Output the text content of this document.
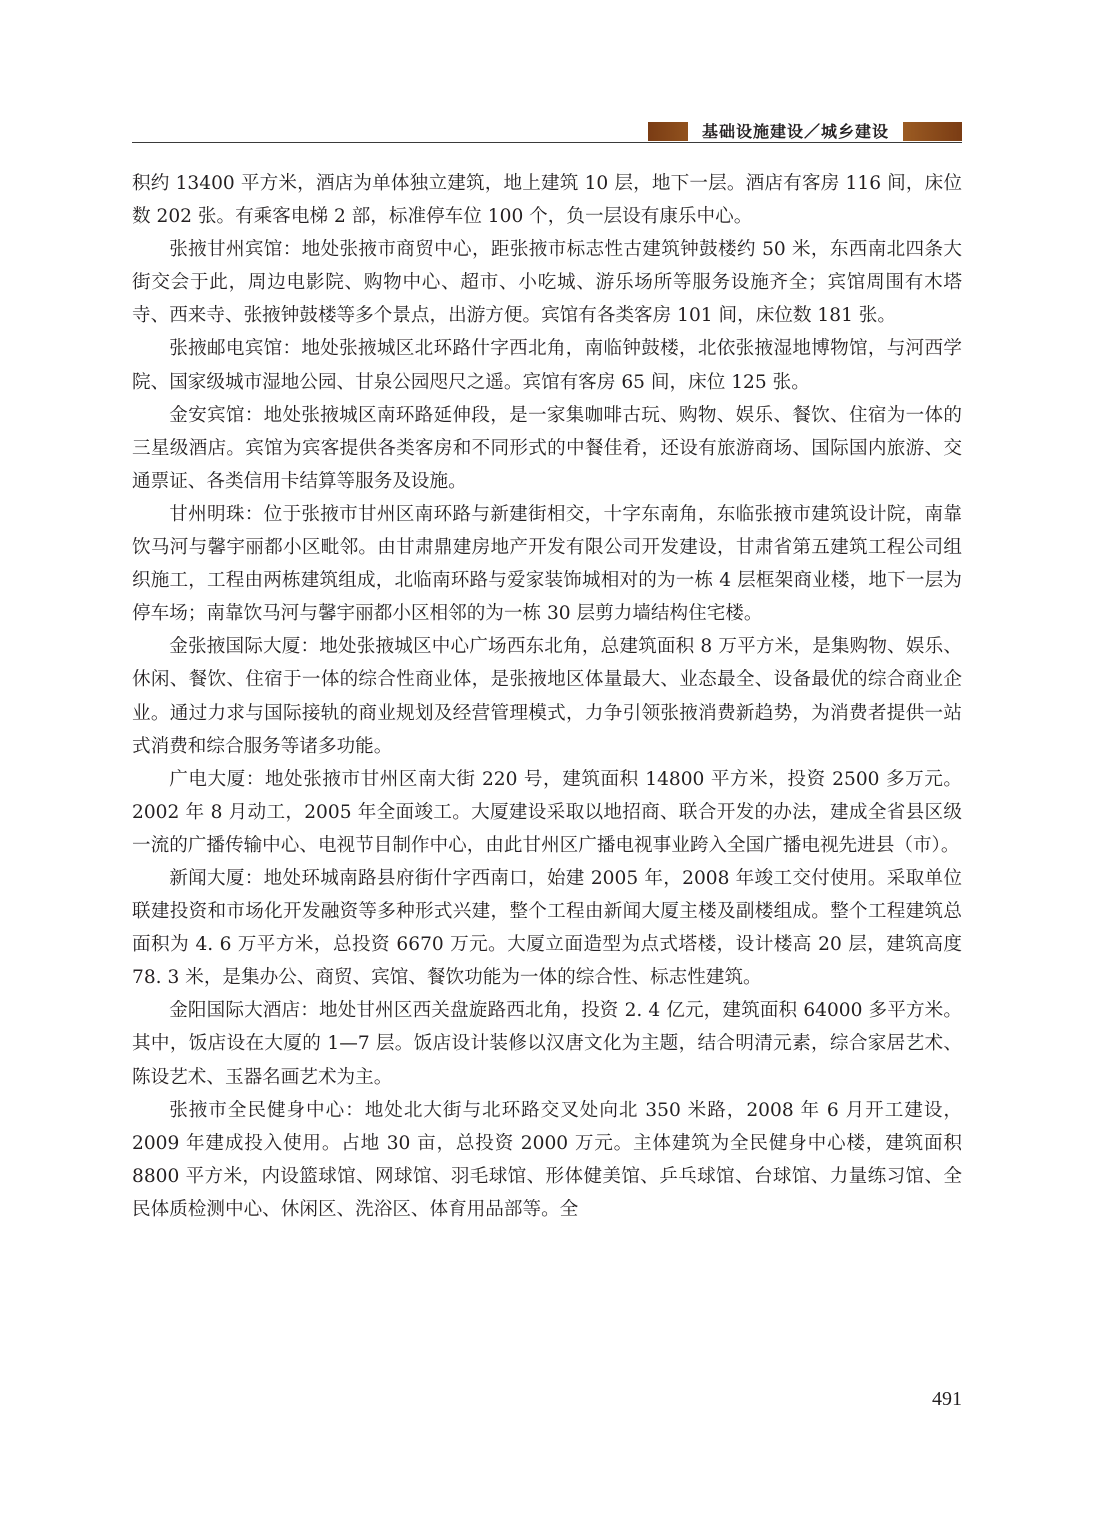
基础设施建设／城乡建设

积约 13400 平方米，酒店为单体独立建筑，地上建筑 10 层，地下一层。酒店有客房 116 间，床位数 202 张。有乘客电梯 2 部，标准停车位 100 个，负一层设有康乐中心。

张掖甘州宾馆：地处张掖市商贸中心，距张掖市标志性古建筑钟鼓楼约 50 米，东西南北四条大街交会于此，周边电影院、购物中心、超市、小吃城、游乐场所等服务设施齐全；宾馆周围有木塔寺、西来寺、张掖钟鼓楼等多个景点，出游方便。宾馆有各类客房 101 间，床位数 181 张。

张掖邮电宾馆：地处张掖城区北环路什字西北角，南临钟鼓楼，北依张掖湿地博物馆，与河西学院、国家级城市湿地公园、甘泉公园咫尺之遥。宾馆有客房 65 间，床位 125 张。

金安宾馆：地处张掖城区南环路延伸段，是一家集咖啡古玩、购物、娱乐、餐饮、住宿为一体的三星级酒店。宾馆为宾客提供各类客房和不同形式的中餐佳肴，还设有旅游商场、国际国内旅游、交通票证、各类信用卡结算等服务及设施。

甘州明珠：位于张掖市甘州区南环路与新建街相交，十字东南角，东临张掖市建筑设计院，南靠饮马河与馨宇丽都小区毗邻。由甘肃鼎建房地产开发有限公司开发建设，甘肃省第五建筑工程公司组织施工，工程由两栋建筑组成，北临南环路与爱家装饰城相对的为一栋 4 层框架商业楼，地下一层为停车场；南靠饮马河与馨宇丽都小区相邻的为一栋 30 层剪力墙结构住宅楼。

金张掖国际大厦：地处张掖城区中心广场西东北角，总建筑面积 8 万平方米，是集购物、娱乐、休闲、餐饮、住宿于一体的综合性商业体，是张掖地区体量最大、业态最全、设备最优的综合商业企业。通过力求与国际接轨的商业规划及经营管理模式，力争引领张掖消费新趋势，为消费者提供一站式消费和综合服务等诸多功能。

广电大厦：地处张掖市甘州区南大街 220 号，建筑面积 14800 平方米，投资 2500 多万元。2002 年 8 月动工，2005 年全面竣工。大厦建设采取以地招商、联合开发的办法，建成全省县区级一流的广播传输中心、电视节目制作中心，由此甘州区广播电视事业跨入全国广播电视先进县（市）。

新闻大厦：地处环城南路县府街什字西南口，始建 2005 年，2008 年竣工交付使用。采取单位联建投资和市场化开发融资等多种形式兴建，整个工程由新闻大厦主楼及副楼组成。整个工程建筑总面积为 4. 6 万平方米，总投资 6670 万元。大厦立面造型为点式塔楼，设计楼高 20 层，建筑高度 78. 3 米，是集办公、商贸、宾馆、餐饮功能为一体的综合性、标志性建筑。

金阳国际大酒店：地处甘州区西关盘旋路西北角，投资 2. 4 亿元，建筑面积 64000 多平方米。其中，饭店设在大厦的 1—7 层。饭店设计装修以汉唐文化为主题，结合明清元素，综合家居艺术、陈设艺术、玉器名画艺术为主。

张掖市全民健身中心：地处北大街与北环路交叉处向北 350 米路，2008 年 6 月开工建设，2009 年建成投入使用。占地 30 亩，总投资 2000 万元。主体建筑为全民健身中心楼，建筑面积 8800 平方米，内设篮球馆、网球馆、羽毛球馆、形体健美馆、乒乓球馆、台球馆、力量练习馆、全民体质检测中心、休闲区、洗浴区、体育用品部等。全

491
